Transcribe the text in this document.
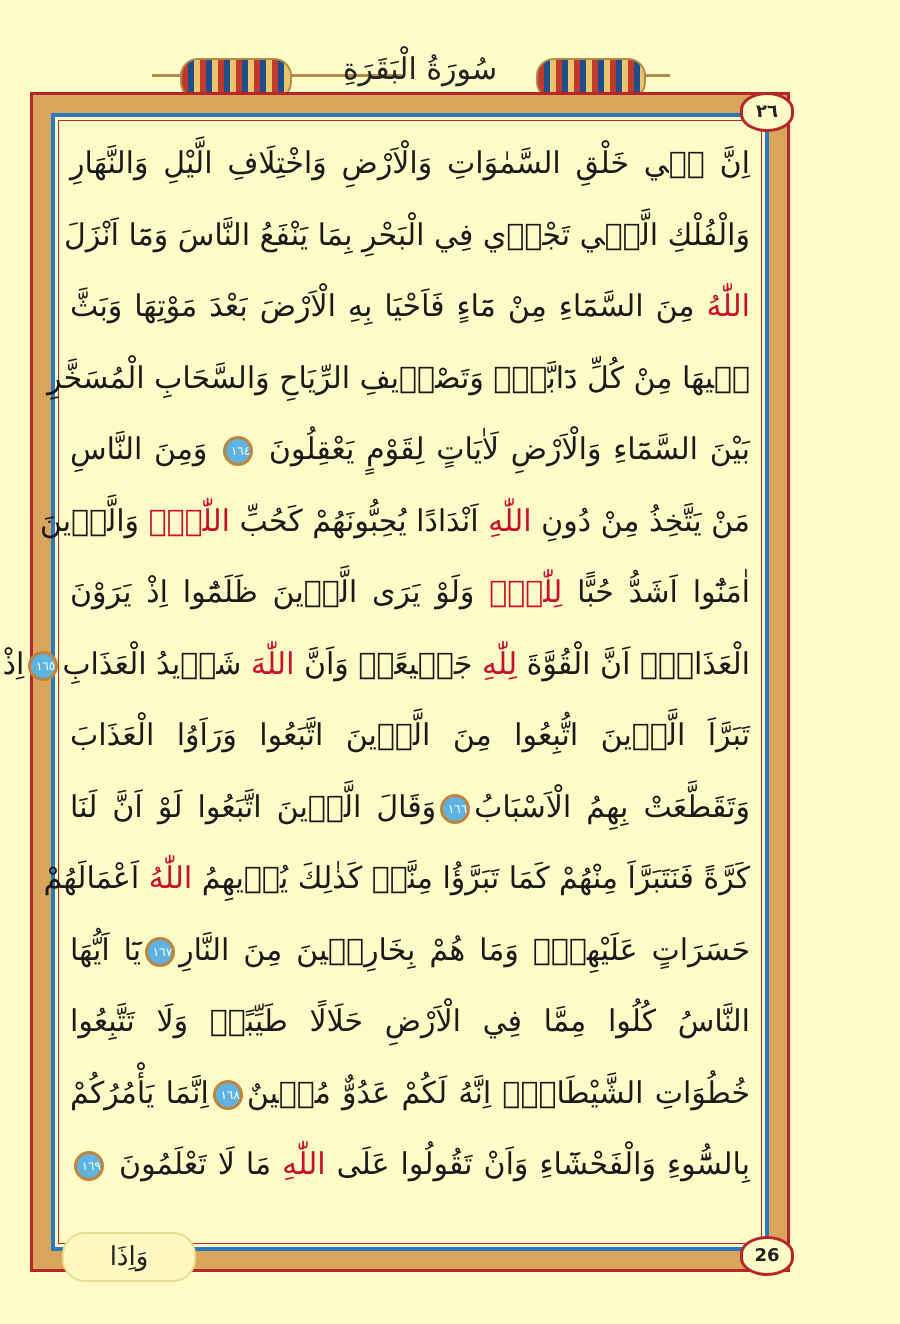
سُورَةُ الْبَقَرَةِ
٢٦
اِنَّ فٖي خَلْقِ السَّمٰوَاتِ وَالْاَرْضِ وَاخْتِلَافِ الَّيْلِ وَالنَّهَارِ
وَالْفُلْكِ الَّتٖي تَجْرٖي فِي الْبَحْرِ بِمَا يَنْفَعُ النَّاسَ وَمَٓا اَنْزَلَ
اللّٰهُ مِنَ السَّمَٓاءِ مِنْ مَٓاءٍ فَاَحْيَا بِهِ الْاَرْضَ بَعْدَ مَوْتِهَا وَبَثَّ
فٖيهَا مِنْ كُلِّ دَٓابَّةٍۖ وَتَصْرٖيفِ الرِّيَاحِ وَالسَّحَابِ الْمُسَخَّرِ
بَيْنَ السَّمَٓاءِ وَالْاَرْضِ لَاٰيَاتٍ لِقَوْمٍ يَعْقِلُونَ ١٦٤ وَمِنَ النَّاسِ
مَنْ يَتَّخِذُ مِنْ دُونِ اللّٰهِ اَنْدَادًا يُحِبُّونَهُمْ كَحُبِّ اللّٰهِۜ وَالَّذٖينَ
اٰمَنُٓوا اَشَدُّ حُبًّا لِلّٰهِۜ وَلَوْ يَرَى الَّذٖينَ ظَلَمُٓوا اِذْ يَرَوْنَ
الْعَذَابَۙ اَنَّ الْقُوَّةَ لِلّٰهِ جَمٖيعًاۙ وَاَنَّ اللّٰهَ شَدٖيدُ الْعَذَابِ١٦٥اِذْ
تَبَرَّاَ الَّذٖينَ اتُّبِعُوا مِنَ الَّذٖينَ اتَّبَعُوا وَرَاَوُا الْعَذَابَ
وَتَقَطَّعَتْ بِهِمُ الْاَسْبَابُ١٦٦وَقَالَ الَّذٖينَ اتَّبَعُوا لَوْ اَنَّ لَنَا
كَرَّةً فَنَتَبَرَّاَ مِنْهُمْ كَمَا تَبَرَّؤُا مِنَّاۜ كَذٰلِكَ يُرٖيهِمُ اللّٰهُ اَعْمَالَهُمْ
حَسَرَاتٍ عَلَيْهِمْۜ وَمَا هُمْ بِخَارِجٖينَ مِنَ النَّارِ١٦٧يَٓا اَيُّهَا
النَّاسُ كُلُوا مِمَّا فِي الْاَرْضِ حَلَالًا طَيِّبًاۘ وَلَا تَتَّبِعُوا
خُطُوَاتِ الشَّيْطَانِۜ اِنَّهُ لَكُمْ عَدُوٌّ مُبٖينٌ١٦٨اِنَّمَا يَأْمُرُكُمْ
بِالسُّٓوءِ وَالْفَحْشَٓاءِ وَاَنْ تَقُولُوا عَلَى اللّٰهِ مَا لَا تَعْلَمُونَ ١٦٩
26
وَاِذَا
